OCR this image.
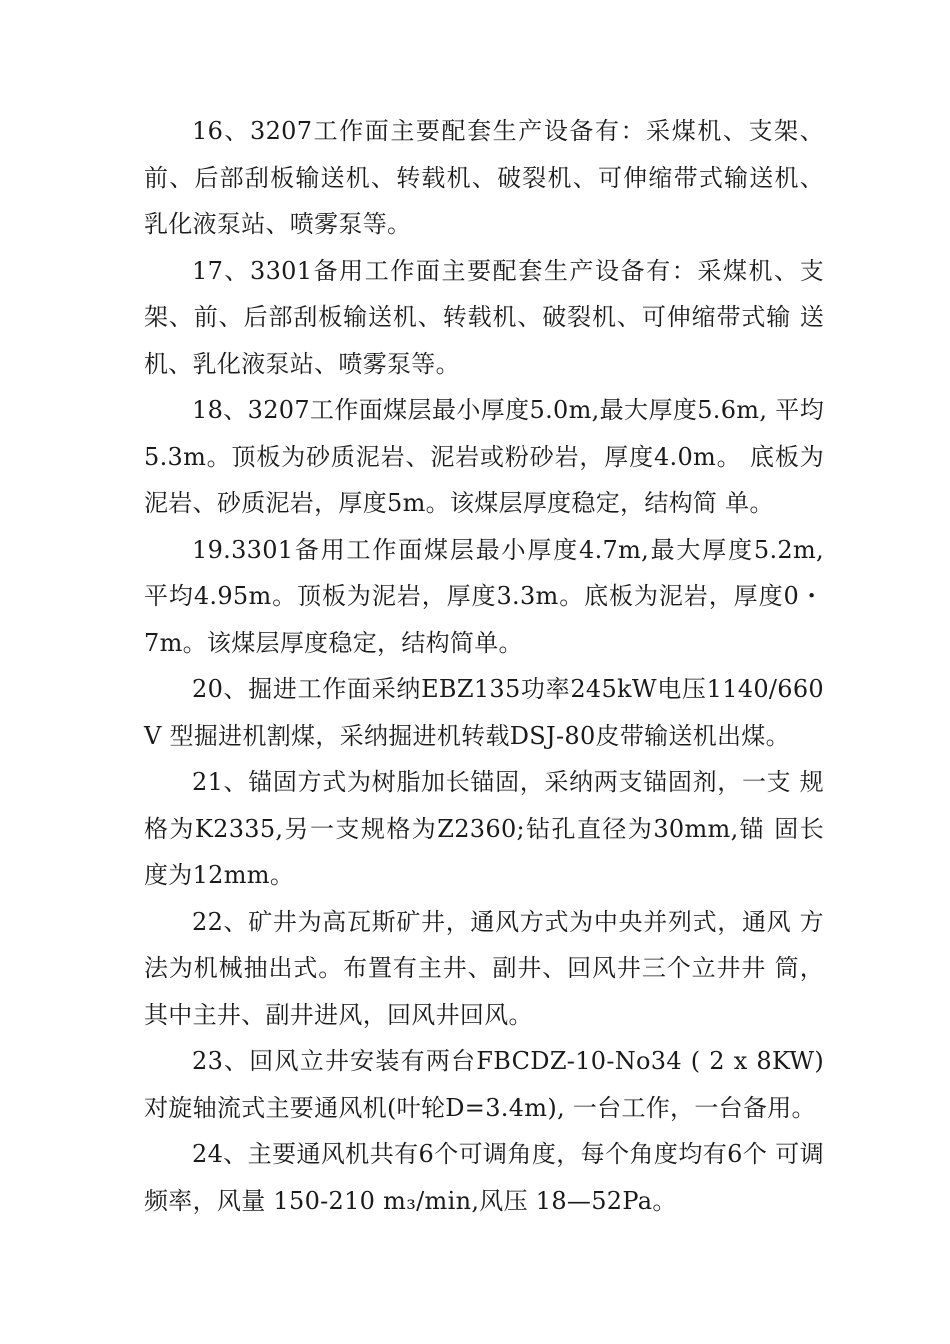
16、3207工作面主要配套生产设备有：采煤机、支架、前、后部刮板输送机、转载机、破裂机、可伸缩带式输送机、乳化液泵站、喷雾泵等。

17、3301备用工作面主要配套生产设备有：采煤机、支架、前、后部刮板输送机、转载机、破裂机、可伸缩带式输 送机、乳化液泵站、喷雾泵等。

18、3207工作面煤层最小厚度5.0m,最大厚度5.6m, 平均5.3m。顶板为砂质泥岩、泥岩或粉砂岩，厚度4.0m。 底板为泥岩、砂质泥岩，厚度5m。该煤层厚度稳定，结构简 单。

19.3301备用工作面煤层最小厚度4.7m,最大厚度5.2m, 平均4.95m。顶板为泥岩，厚度3.3m。底板为泥岩，厚度0・7m。该煤层厚度稳定，结构简单。

20、掘进工作面采纳EBZ135功率245kW电压1140/660V 型掘进机割煤，采纳掘进机转载DSJ-80皮带输送机出煤。

21、锚固方式为树脂加长锚固，采纳两支锚固剂，一支 规格为K2335,另一支规格为Z2360;钻孔直径为30mm,锚 固长度为12mm。

22、矿井为高瓦斯矿井，通风方式为中央并列式，通风 方法为机械抽出式。布置有主井、副井、回风井三个立井井 筒，其中主井、副井进风，回风井回风。

23、回风立井安装有两台FBCDZ-10-No34 ( 2 x 8KW) 对旋轴流式主要通风机(叶轮D=3.4m), 一台工作，一台备用。

24、主要通风机共有6个可调角度，每个角度均有6个 可调频率，风量 150-210 m₃/min,风压 18—52Pa。
